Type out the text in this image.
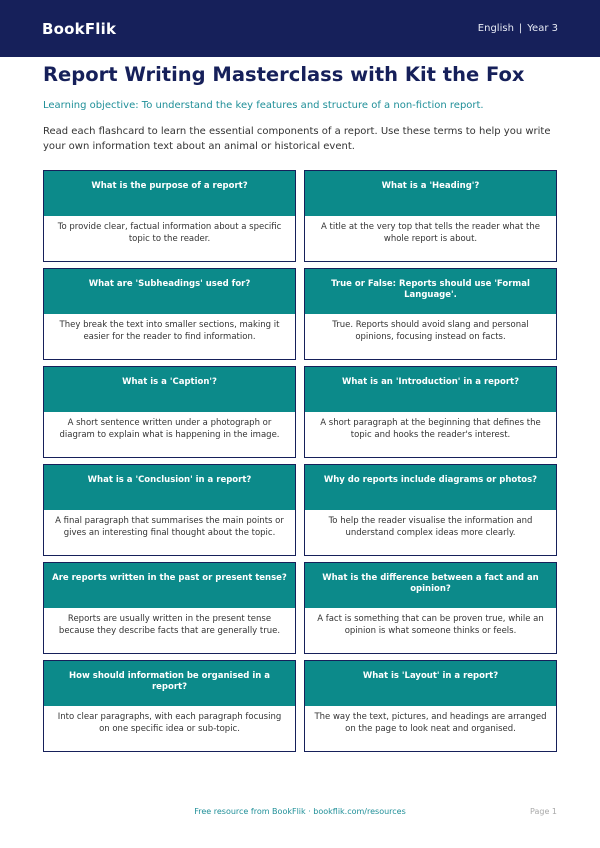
BookFlik	English | Year 3
Report Writing Masterclass with Kit the Fox

Learning objective: To understand the key features and structure of a non-fiction report.

Read each flashcard to learn the essential components of a report. Use these terms to help you write your own information text about an animal or historical event.

What is the purpose of a report?
To provide clear, factual information about a specific topic to the reader.
What is a 'Heading'?
A title at the very top that tells the reader what the whole report is about.
What are 'Subheadings' used for?
They break the text into smaller sections, making it easier for the reader to find information.
True or False: Reports should use 'Formal Language'.
True. Reports should avoid slang and personal opinions, focusing instead on facts.
What is a 'Caption'?
A short sentence written under a photograph or diagram to explain what is happening in the image.
What is an 'Introduction' in a report?
A short paragraph at the beginning that defines the topic and hooks the reader's interest.
What is a 'Conclusion' in a report?
A final paragraph that summarises the main points or gives an interesting final thought about the topic.
Why do reports include diagrams or photos?
To help the reader visualise the information and understand complex ideas more clearly.
Are reports written in the past or present tense?
Reports are usually written in the present tense because they describe facts that are generally true.
What is the difference between a fact and an opinion?
A fact is something that can be proven true, while an opinion is what someone thinks or feels.
How should information be organised in a report?
Into clear paragraphs, with each paragraph focusing on one specific idea or sub-topic.
What is 'Layout' in a report?
The way the text, pictures, and headings are arranged on the page to look neat and organised.
Free resource from BookFlik · bookflik.com/resources	Page 1
